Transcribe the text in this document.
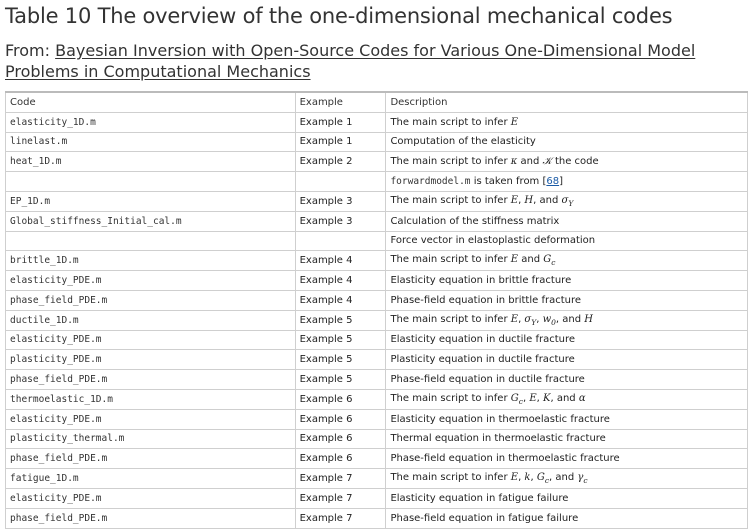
Table 10 The overview of the one-dimensional mechanical codes

From: Bayesian Inversion with Open-Source Codes for Various One-Dimensional Model Problems in Computational Mechanics

Code	Example	Description
elasticity_1D.m	Example 1	The main script to infer E
linelast.m	Example 1	Computation of the elasticity
heat_1D.m	Example 2	The main script to infer κ and 𝒦 the code
		forwardmodel.m is taken from [68]
EP_1D.m	Example 3	The main script to infer E, H, and $\sigma_Y$
Global_stiffness_Initial_cal.m	Example 3	Calculation of the stiffness matrix
		Force vector in elastoplastic deformation
brittle_1D.m	Example 4	The main script to infer E and $G_c$
elasticity_PDE.m	Example 4	Elasticity equation in brittle fracture
phase_field_PDE.m	Example 4	Phase-field equation in brittle fracture
ductile_1D.m	Example 5	The main script to infer E, $\sigma_Y$, $w_0$, and H
elasticity_PDE.m	Example 5	Elasticity equation in ductile fracture
plasticity_PDE.m	Example 5	Plasticity equation in ductile fracture
phase_field_PDE.m	Example 5	Phase-field equation in ductile fracture
thermoelastic_1D.m	Example 6	The main script to infer $G_c$, E, K, and α
elasticity_PDE.m	Example 6	Elasticity equation in thermoelastic fracture
plasticity_thermal.m	Example 6	Thermal equation in thermoelastic fracture
phase_field_PDE.m	Example 6	Phase-field equation in thermoelastic fracture
fatigue_1D.m	Example 7	The main script to infer E, k, $G_c$, and $\gamma_c$
elasticity_PDE.m	Example 7	Elasticity equation in fatigue failure
phase_field_PDE.m	Example 7	Phase-field equation in fatigue failure
